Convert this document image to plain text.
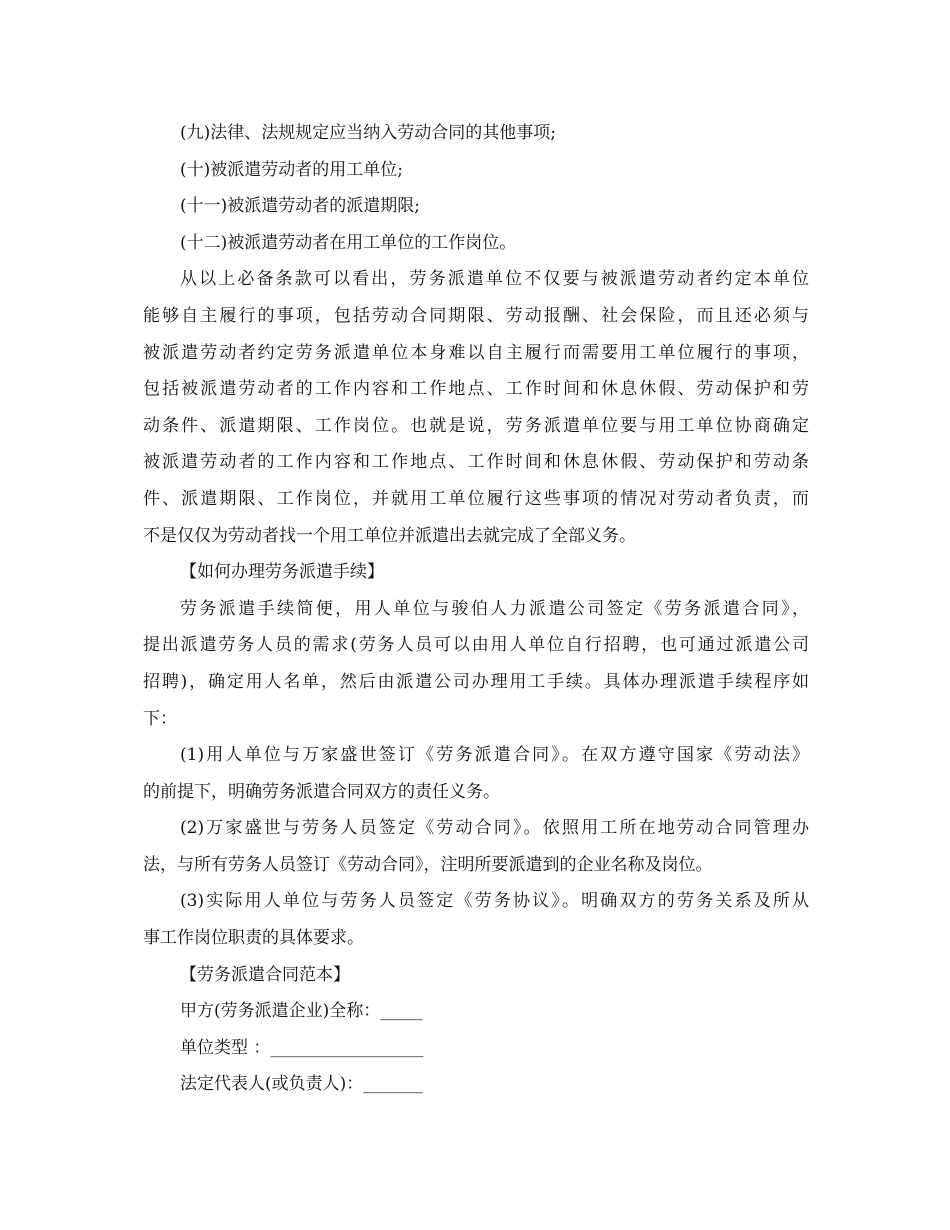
(九)法律、法规规定应当纳入劳动合同的其他事项;
(十)被派遣劳动者的用工单位;
(十一)被派遣劳动者的派遣期限;
(十二)被派遣劳动者在用工单位的工作岗位。
从以上必备条款可以看出，劳务派遣单位不仅要与被派遣劳动者约定本单位
能够自主履行的事项，包括劳动合同期限、劳动报酬、社会保险，而且还必须与
被派遣劳动者约定劳务派遣单位本身难以自主履行而需要用工单位履行的事项，
包括被派遣劳动者的工作内容和工作地点、工作时间和休息休假、劳动保护和劳
动条件、派遣期限、工作岗位。也就是说，劳务派遣单位要与用工单位协商确定
被派遣劳动者的工作内容和工作地点、工作时间和休息休假、劳动保护和劳动条
件、派遣期限、工作岗位，并就用工单位履行这些事项的情况对劳动者负责，而
不是仅仅为劳动者找一个用工单位并派遣出去就完成了全部义务。
【如何办理劳务派遣手续】
劳务派遣手续简便，用人单位与骏伯人力派遣公司签定《劳务派遣合同》，
提出派遣劳务人员的需求(劳务人员可以由用人单位自行招聘，也可通过派遣公司
招聘)，确定用人名单，然后由派遣公司办理用工手续。具体办理派遣手续程序如
下：
(1)用人单位与万家盛世签订《劳务派遣合同》。在双方遵守国家《劳动法》
的前提下，明确劳务派遣合同双方的责任义务。
(2)万家盛世与劳务人员签定《劳动合同》。依照用工所在地劳动合同管理办
法，与所有劳务人员签订《劳动合同》，注明所要派遣到的企业名称及岗位。
(3)实际用人单位与劳务人员签定《劳务协议》。明确双方的劳务关系及所从
事工作岗位职责的具体要求。
【劳务派遣合同范本】
甲方(劳务派遣企业)全称：_____
单位类型 ：__________________
法定代表人(或负责人)：_______
